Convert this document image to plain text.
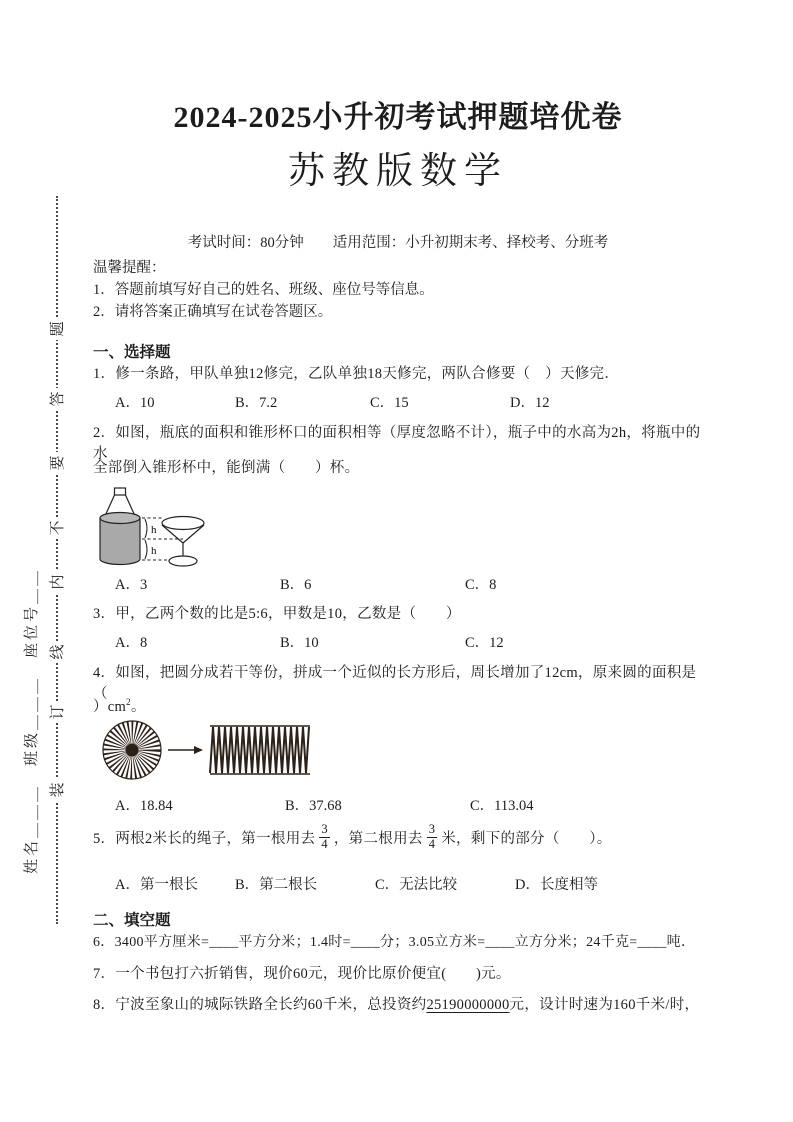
姓名＿＿＿　班级＿＿＿　座位号＿＿
题
答
要
不
内
线
订
装
2024-2025小升初考试押题培优卷
苏教版数学
考试时间：80分钟　　适用范围：小升初期末考、择校考、分班考
温馨提醒：
1．答题前填写好自己的姓名、班级、座位号等信息。
2．请将答案正确填写在试卷答题区。
一、选择题
1．修一条路，甲队单独12修完，乙队单独18天修完，两队合修要（　）天修完．
A．10	B．7.2	C．15	D．12
2．如图，瓶底的面积和锥形杯口的面积相等（厚度忽略不计），瓶子中的水高为2h，将瓶中的水
全部倒入锥形杯中，能倒满（　　）杯。
h
h
A．3	B．6	C．8
3．甲，乙两个数的比是5:6，甲数是10，乙数是（　　）
A．8	B．10	C．12
4．如图，把圆分成若干等份，拼成一个近似的长方形后，周长增加了12cm，原来圆的面积是（
）$cm^2$。
A．18.84	B．37.68	C．113.04
5．两根2米长的绳子，第一根用去 $\frac{3}{4}$ ，第二根用去 $\frac{3}{4}$ 米，剩下的部分（　　）。
A．第一根长	B．第二根长	C．无法比较	D．长度相等
二、填空题
6．3400平方厘米=____平方分米；1.4时=____分；3.05立方米=____立方分米；24千克=____吨．
7．一个书包打六折销售，现价60元，现价比原价便宜(　　)元。
8．宁波至象山的城际铁路全长约60千米，总投资约25190000000元，设计时速为160千米/时，
